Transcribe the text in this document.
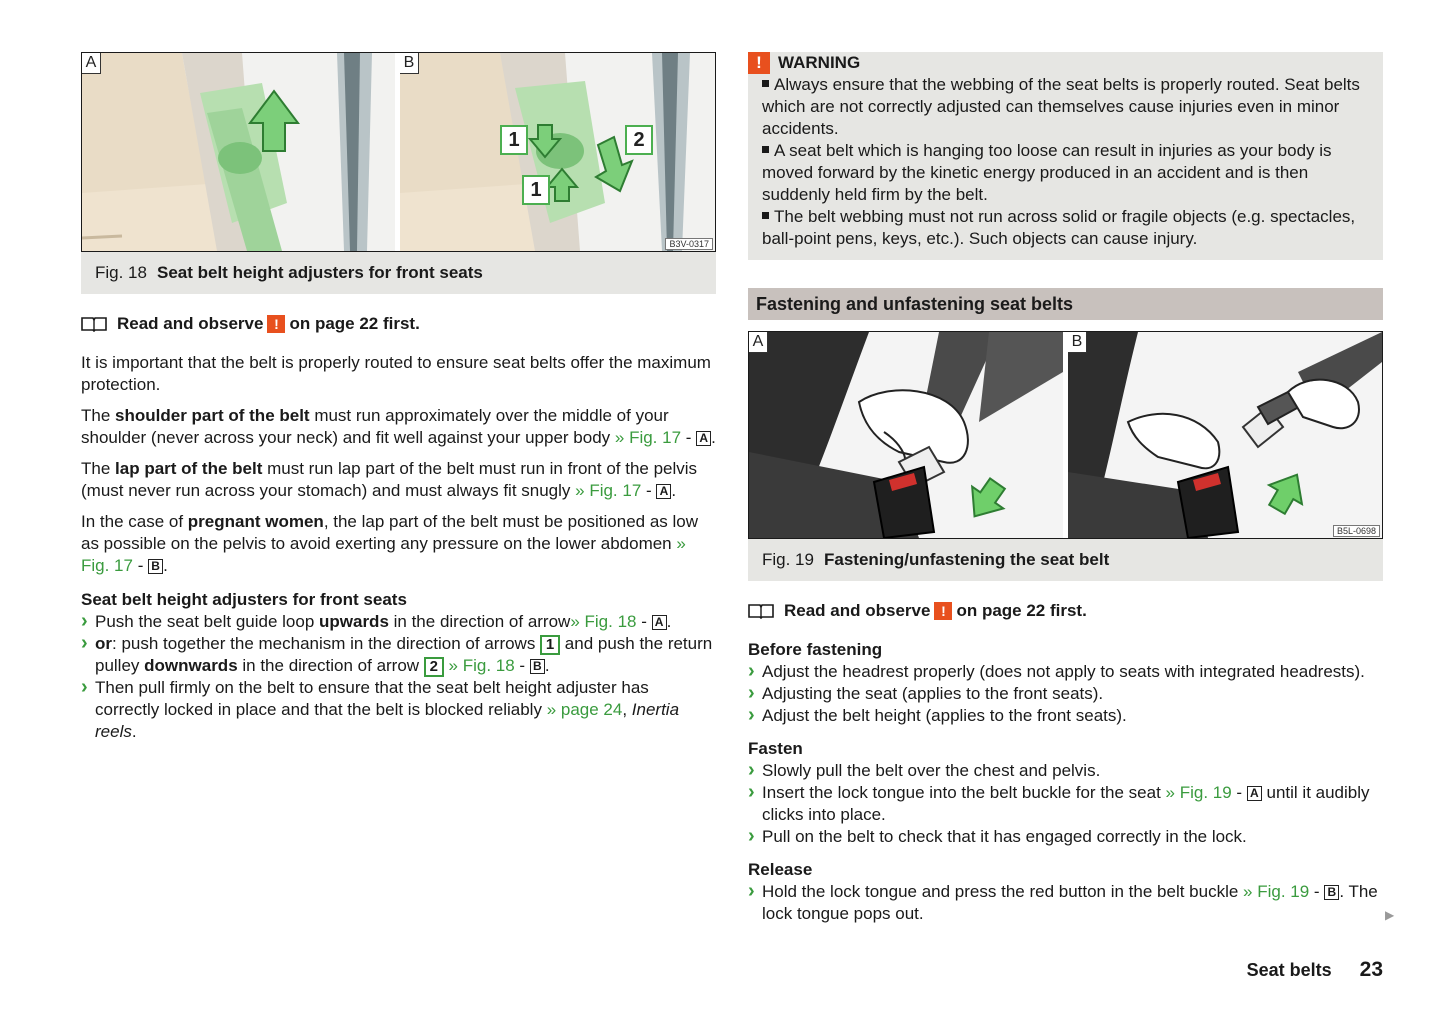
A	B
1	2
1
B3V-0317
Fig. 18 Seat belt height adjusters for front seats
Read and observe ! on page 22 first.

It is important that the belt is properly routed to ensure seat belts offer the maximum protection.

The shoulder part of the belt must run approximately over the middle of your shoulder (never across your neck) and fit well against your upper body » Fig. 17 - A .

The lap part of the belt must run lap part of the belt must run in front of the pelvis (must never run across your stomach) and must always fit snugly » Fig. 17 - A .

In the case of pregnant women, the lap part of the belt must be positioned as low as possible on the pelvis to avoid exerting any pressure on the lower abdomen » Fig. 17 - B .

Seat belt height adjusters for front seats
› Push the seat belt guide loop upwards in the direction of arrow» Fig. 18 - A .
› or: push together the mechanism in the direction of arrows 1 and push the return pulley downwards in the direction of arrow 2 » Fig. 18 - B .
› Then pull firmly on the belt to ensure that the seat belt height adjuster has correctly locked in place and that the belt is blocked reliably » page 24, Inertia reels.
! WARNING
Always ensure that the webbing of the seat belts is properly routed. Seat belts which are not correctly adjusted can themselves cause injuries even in minor accidents.
A seat belt which is hanging too loose can result in injuries as your body is moved forward by the kinetic energy produced in an accident and is then suddenly held firm by the belt.
The belt webbing must not run across solid or fragile objects (e.g. spectacles, ball-point pens, keys, etc.). Such objects can cause injury.
Fastening and unfastening seat belts
A	B
B5L-0698
Fig. 19 Fastening/unfastening the seat belt
Read and observe ! on page 22 first.
Before fastening
› Adjust the headrest properly (does not apply to seats with integrated headrests).
› Adjusting the seat (applies to the front seats).
› Adjust the belt height (applies to the front seats).
Fasten
› Slowly pull the belt over the chest and pelvis.
› Insert the lock tongue into the belt buckle for the seat » Fig. 19 - A until it audibly clicks into place.
› Pull on the belt to check that it has engaged correctly in the lock.
Release
› Hold the lock tongue and press the red button in the belt buckle » Fig. 19 - B . The lock tongue pops out.	▶
Seat belts 23
